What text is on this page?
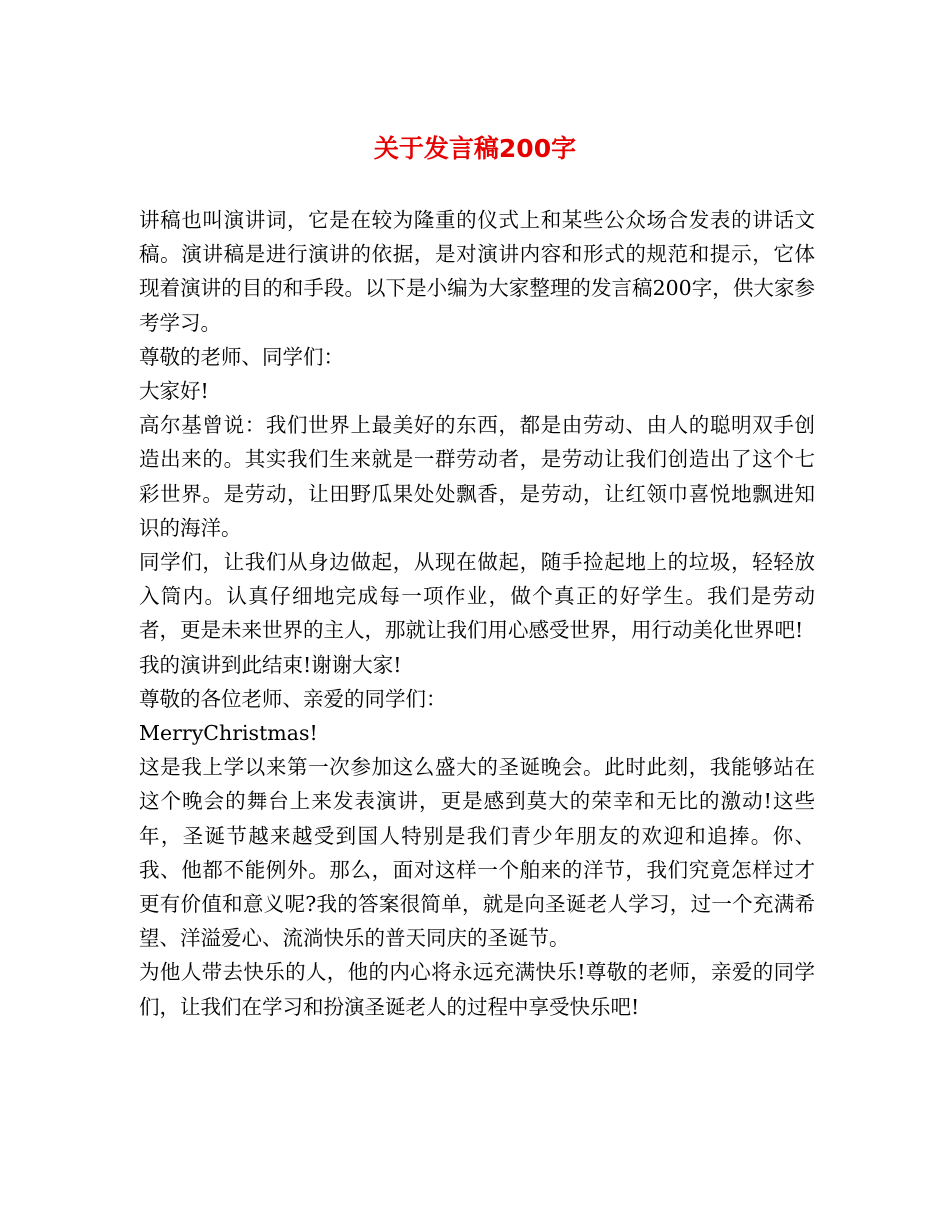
关于发言稿200字

讲稿也叫演讲词，它是在较为隆重的仪式上和某些公众场合发表的讲话文稿。演讲稿是进行演讲的依据，是对演讲内容和形式的规范和提示，它体现着演讲的目的和手段。以下是小编为大家整理的发言稿200字，供大家参考学习。

尊敬的老师、同学们：

大家好!

高尔基曾说：我们世界上最美好的东西，都是由劳动、由人的聪明双手创造出来的。其实我们生来就是一群劳动者，是劳动让我们创造出了这个七彩世界。是劳动，让田野瓜果处处飘香，是劳动，让红领巾喜悦地飘进知识的海洋。

同学们，让我们从身边做起，从现在做起，随手捡起地上的垃圾，轻轻放入筒内。认真仔细地完成每一项作业，做个真正的好学生。我们是劳动者，更是未来世界的主人，那就让我们用心感受世界，用行动美化世界吧!

我的演讲到此结束!谢谢大家!

尊敬的各位老师、亲爱的同学们：

MerryChristmas!

这是我上学以来第一次参加这么盛大的圣诞晚会。此时此刻，我能够站在这个晚会的舞台上来发表演讲，更是感到莫大的荣幸和无比的激动!这些年，圣诞节越来越受到国人特别是我们青少年朋友的欢迎和追捧。你、我、他都不能例外。那么，面对这样一个舶来的洋节，我们究竟怎样过才更有价值和意义呢?我的答案很简单，就是向圣诞老人学习，过一个充满希望、洋溢爱心、流淌快乐的普天同庆的圣诞节。

为他人带去快乐的人，他的内心将永远充满快乐!尊敬的老师，亲爱的同学们，让我们在学习和扮演圣诞老人的过程中享受快乐吧!
